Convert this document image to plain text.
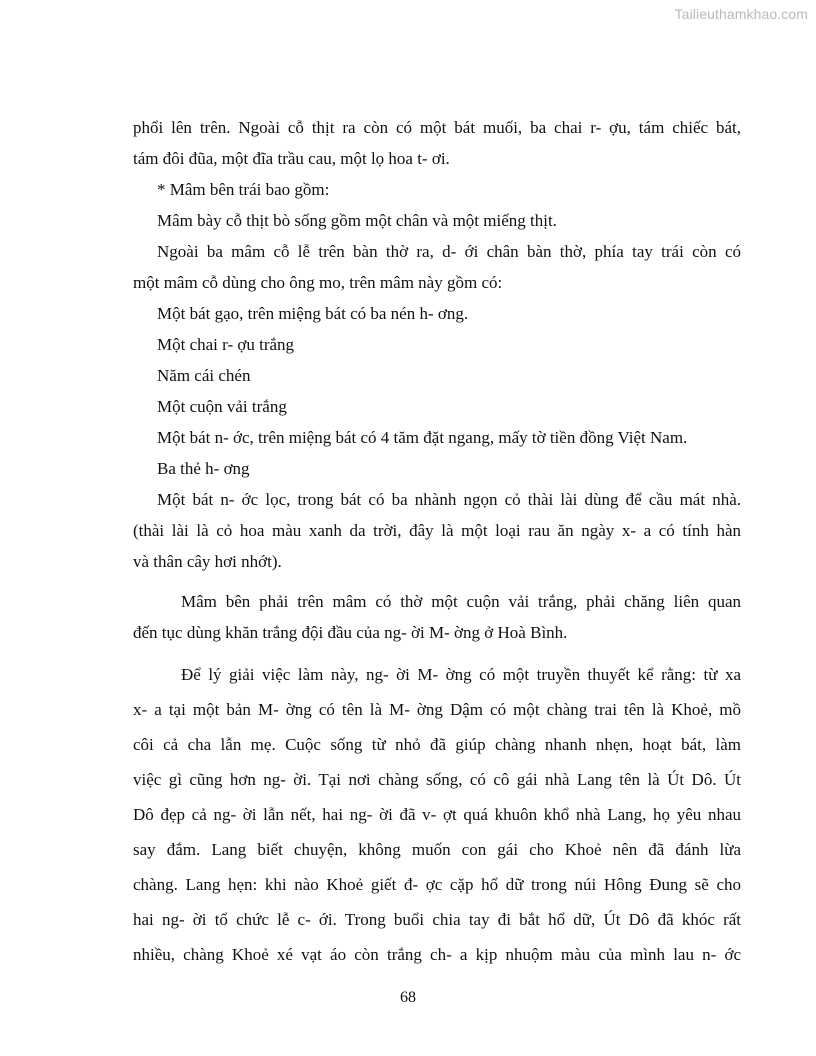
Tailieuthamkhao.com
phổi lên trên. Ngoài cỗ thịt ra còn có một bát muối, ba chai r- ợu, tám chiếc bát,
tám đôi đũa, một đĩa trầu cau, một lọ hoa t- ơi.
* Mâm bên trái bao gồm:
Mâm bày cỗ thịt bò sống gồm một chân và một miếng thịt.
Ngoài ba mâm cỗ lễ trên bàn thờ ra, d- ới chân bàn thờ, phía tay trái còn có
một mâm cỗ dùng cho ông mo, trên mâm này gồm có:
Một bát gạo, trên miệng bát có ba nén h- ơng.
Một chai r- ợu trắng
Năm cái chén
Một cuộn vải trắng
Một bát n- ớc, trên miệng bát có 4 tăm đặt ngang, mấy tờ tiền đồng Việt Nam.
Ba thẻ h- ơng
Một bát n- ớc lọc, trong bát có ba nhành ngọn cỏ thài lài dùng để cầu mát nhà.
(thài lài là cỏ hoa màu xanh da trời, đây là một loại rau ăn ngày x- a có tính hàn
và thân cây hơi nhớt).
Mâm bên phải trên mâm có thờ một cuộn vải trắng, phải chăng liên quan
đến tục dùng khăn trắng đội đầu của ng- ời M- ờng ở Hoà Bình.
Để lý giải việc làm này, ng- ời M- ờng có một truyền thuyết kể rằng: từ xa
x- a tại một bản M- ờng có tên là M- ờng Dậm có một chàng trai tên là Khoẻ, mồ
côi cả cha lẫn mẹ. Cuộc sống từ nhỏ đã giúp chàng nhanh nhẹn, hoạt bát, làm
việc gì cũng hơn ng- ời. Tại nơi chàng sống, có cô gái nhà Lang tên là Út Dô. Út
Dô đẹp cả ng- ời lẫn nết, hai ng- ời đã v- ợt quá khuôn khổ nhà Lang, họ yêu nhau
say đắm. Lang biết chuyện, không muốn con gái cho Khoẻ nên đã đánh lừa
chàng. Lang hẹn: khi nào Khoẻ giết đ- ợc cặp hổ dữ trong núi Hông Đung sẽ cho
hai ng- ời tổ chức lễ c- ới. Trong buổi chia tay đi bắt hổ dữ, Út Dô đã khóc rất
nhiều, chàng Khoẻ xé vạt áo còn trắng ch- a kịp nhuộm màu của mình lau n- ớc
68
